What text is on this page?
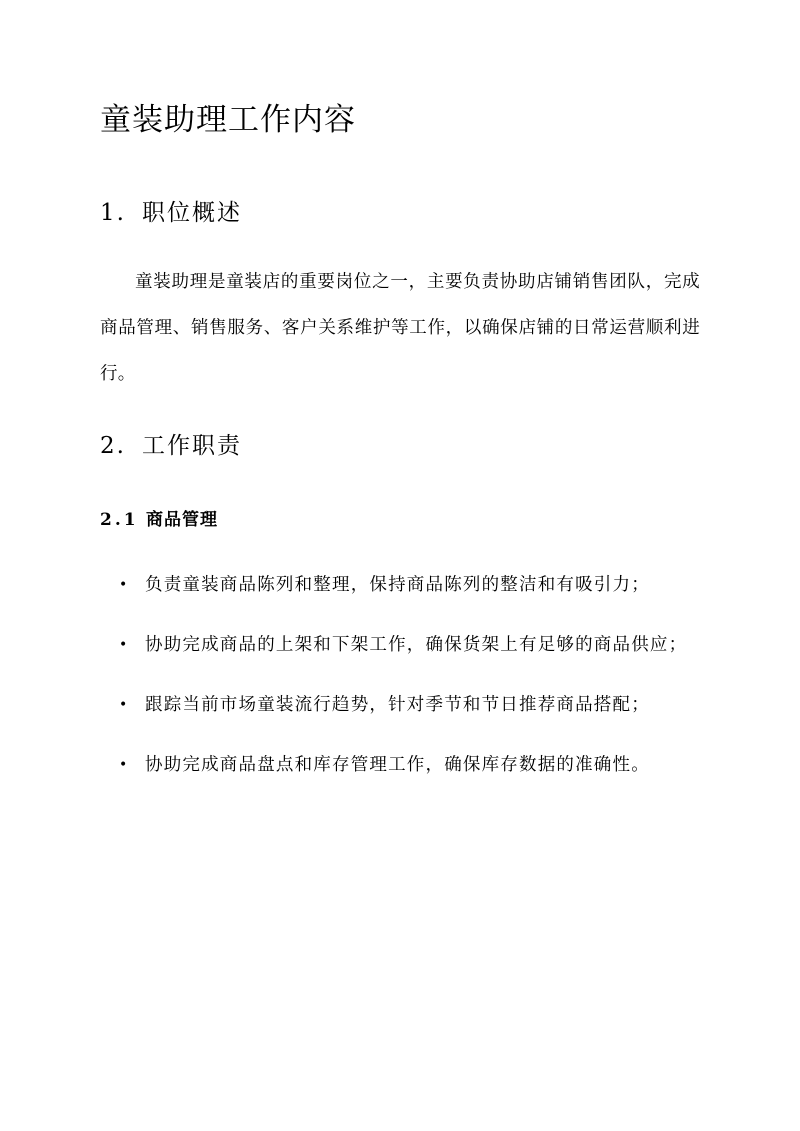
童装助理工作内容
1. 职位概述

童装助理是童装店的重要岗位之一，主要负责协助店铺销售团队，完成商品管理、销售服务、客户关系维护等工作，以确保店铺的日常运营顺利进行。

2. 工作职责
2.1 商品管理
• 负责童装商品陈列和整理，保持商品陈列的整洁和有吸引力；
• 协助完成商品的上架和下架工作，确保货架上有足够的商品供应；
• 跟踪当前市场童装流行趋势，针对季节和节日推荐商品搭配；
• 协助完成商品盘点和库存管理工作，确保库存数据的准确性。
